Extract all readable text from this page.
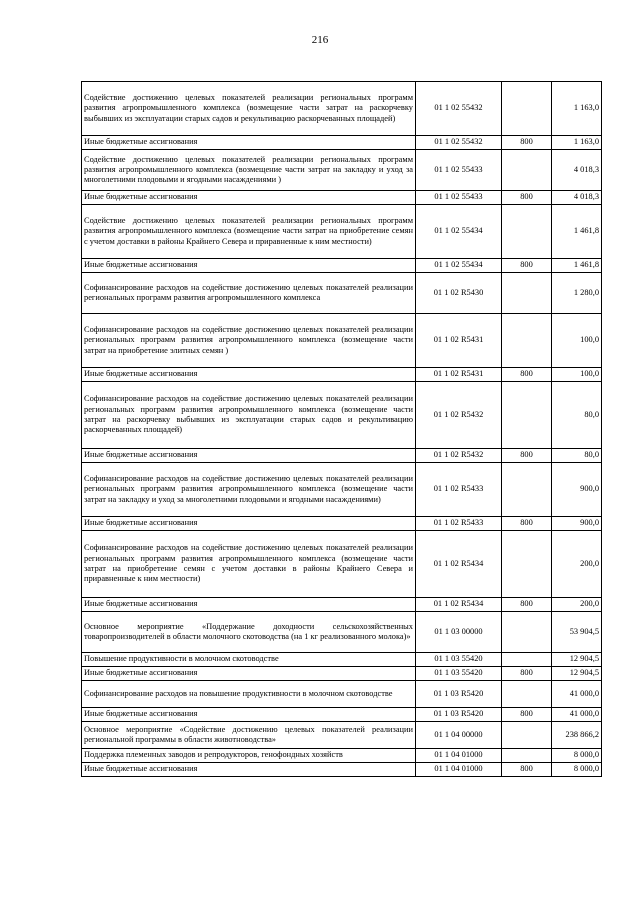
216
Содействие достижению целевых показателей реализации региональных программ развития агропромышленного комплекса (возмещение части затрат на раскорчевку выбывших из эксплуатации старых садов и рекультивацию раскорчеванных площадей)	01 1 02 55432		1 163,0
Иные бюджетные ассигнования	01 1 02 55432	800	1 163,0
Содействие достижению целевых показателей реализации региональных программ развития агропромышленного комплекса (возмещение части затрат на закладку и уход за многолетними плодовыми и ягодными насаждениями )	01 1 02 55433		4 018,3
Иные бюджетные ассигнования	01 1 02 55433	800	4 018,3
Содействие достижению целевых показателей реализации региональных программ развития агропромышленного комплекса (возмещение части затрат на приобретение семян с учетом доставки в районы Крайнего Севера и приравненные к ним местности)	01 1 02 55434		1 461,8
Иные бюджетные ассигнования	01 1 02 55434	800	1 461,8
Софинансирование расходов на содействие достижению целевых показателей реализации региональных программ развития агропромышленного комплекса	01 1 02 R5430		1 280,0
Софинансирование расходов на содействие достижению целевых показателей реализации региональных программ развития агропромышленного комплекса (возмещение части затрат на приобретение элитных семян )	01 1 02 R5431		100,0
Иные бюджетные ассигнования	01 1 02 R5431	800	100,0
Софинансирование расходов на содействие достижению целевых показателей реализации региональных программ развития агропромышленного комплекса (возмещение части затрат на раскорчевку выбывших из эксплуатации старых садов и рекультивацию раскорчеванных площадей)	01 1 02 R5432		80,0
Иные бюджетные ассигнования	01 1 02 R5432	800	80,0
Софинансирование расходов на содействие достижению целевых показателей реализации региональных программ развития агропромышленного комплекса (возмещение части затрат на закладку и уход за многолетними плодовыми и ягодными насаждениями)	01 1 02 R5433		900,0
Иные бюджетные ассигнования	01 1 02 R5433	800	900,0
Софинансирование расходов на содействие достижению целевых показателей реализации региональных программ развития агропромышленного комплекса (возмещение части затрат на приобретение семян с учетом доставки в районы Крайнего Севера и приравненные к ним местности)	01 1 02 R5434		200,0
Иные бюджетные ассигнования	01 1 02 R5434	800	200,0
Основное мероприятие «Поддержание доходности сельскохозяйственных товаропроизводителей в области молочного скотоводства (на 1 кг реализованного молока)»	01 1 03 00000		53 904,5
Повышение продуктивности в молочном скотоводстве	01 1 03 55420		12 904,5
Иные бюджетные ассигнования	01 1 03 55420	800	12 904,5
Софинансирование расходов на повышение продуктивности в молочном скотоводстве	01 1 03 R5420		41 000,0
Иные бюджетные ассигнования	01 1 03 R5420	800	41 000,0
Основное мероприятие «Содействие достижению целевых показателей реализации региональной программы в области животноводства»	01 1 04 00000		238 866,2
Поддержка племенных заводов и репродукторов, генофондных хозяйств	01 1 04 01000		8 000,0
Иные бюджетные ассигнования	01 1 04 01000	800	8 000,0
